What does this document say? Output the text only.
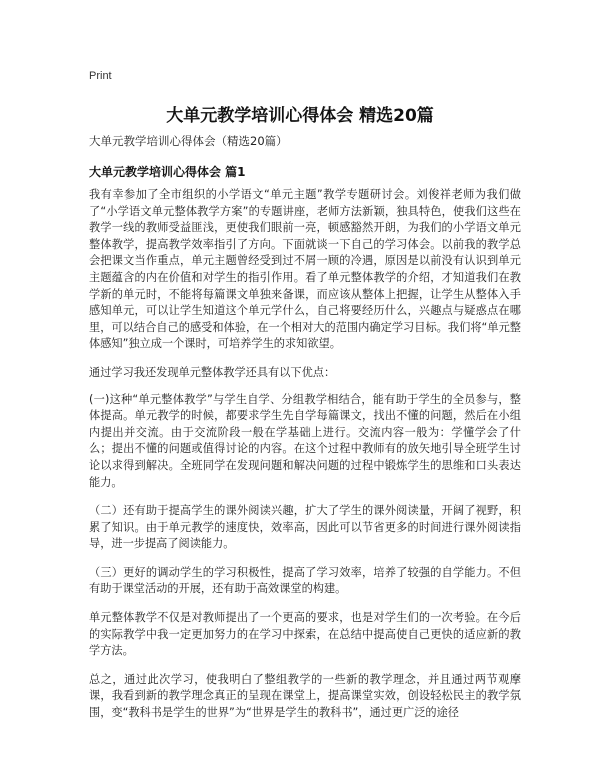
Print
大单元教学培训心得体会 精选20篇
大单元教学培训心得体会（精选20篇）
大单元教学培训心得体会 篇1

我有幸参加了全市组织的小学语文“单元主题”教学专题研讨会。刘俊祥老师为我们做了“小学语文单元整体教学方案”的专题讲座，老师方法新颖，独具特色，使我们这些在教学一线的教师受益匪浅，更使我们眼前一亮，顿感豁然开朗，为我们的小学语文单元整体教学，提高教学效率指引了方向。下面就谈一下自己的学习体会。以前我的教学总会把课文当作重点，单元主题曾经受到过不屑一顾的冷遇，原因是以前没有认识到单元主题蕴含的内在价值和对学生的指引作用。看了单元整体教学的介绍，才知道我们在教学新的单元时，不能将每篇课文单独来备课，而应该从整体上把握，让学生从整体入手感知单元，可以让学生知道这个单元学什么，自己将要经历什么，兴趣点与疑惑点在哪里，可以结合自己的感受和体验，在一个相对大的范围内确定学习目标。我们将“单元整体感知”独立成一个课时，可培养学生的求知欲望。

通过学习我还发现单元整体教学还具有以下优点：

(一)这种“单元整体教学”与学生自学、分组教学相结合，能有助于学生的全员参与，整体提高。单元教学的时候，都要求学生先自学每篇课文，找出不懂的问题，然后在小组内提出并交流。由于交流阶段一般在学基础上进行。交流内容一般为：学懂学会了什么；提出不懂的问题或值得讨论的内容。在这个过程中教师有的放矢地引导全班学生讨论以求得到解决。全班同学在发现问题和解决问题的过程中锻炼学生的思维和口头表达能力。

（二）还有助于提高学生的课外阅读兴趣，扩大了学生的课外阅读量，开阔了视野，积累了知识。由于单元教学的速度快，效率高，因此可以节省更多的时间进行课外阅读指导，进一步提高了阅读能力。

（三）更好的调动学生的学习积极性，提高了学习效率，培养了较强的自学能力。不但有助于课堂活动的开展，还有助于高效课堂的构建。

单元整体教学不仅是对教师提出了一个更高的要求，也是对学生们的一次考验。在今后的实际教学中我一定更加努力的在学习中探索，在总结中提高使自己更快的适应新的教学方法。

总之，通过此次学习，使我明白了整组教学的一些新的教学理念，并且通过两节观摩课，我看到新的教学理念真正的呈现在课堂上，提高课堂实效，创设轻松民主的教学氛围，变“教科书是学生的世界”为“世界是学生的教科书”，通过更广泛的途径
